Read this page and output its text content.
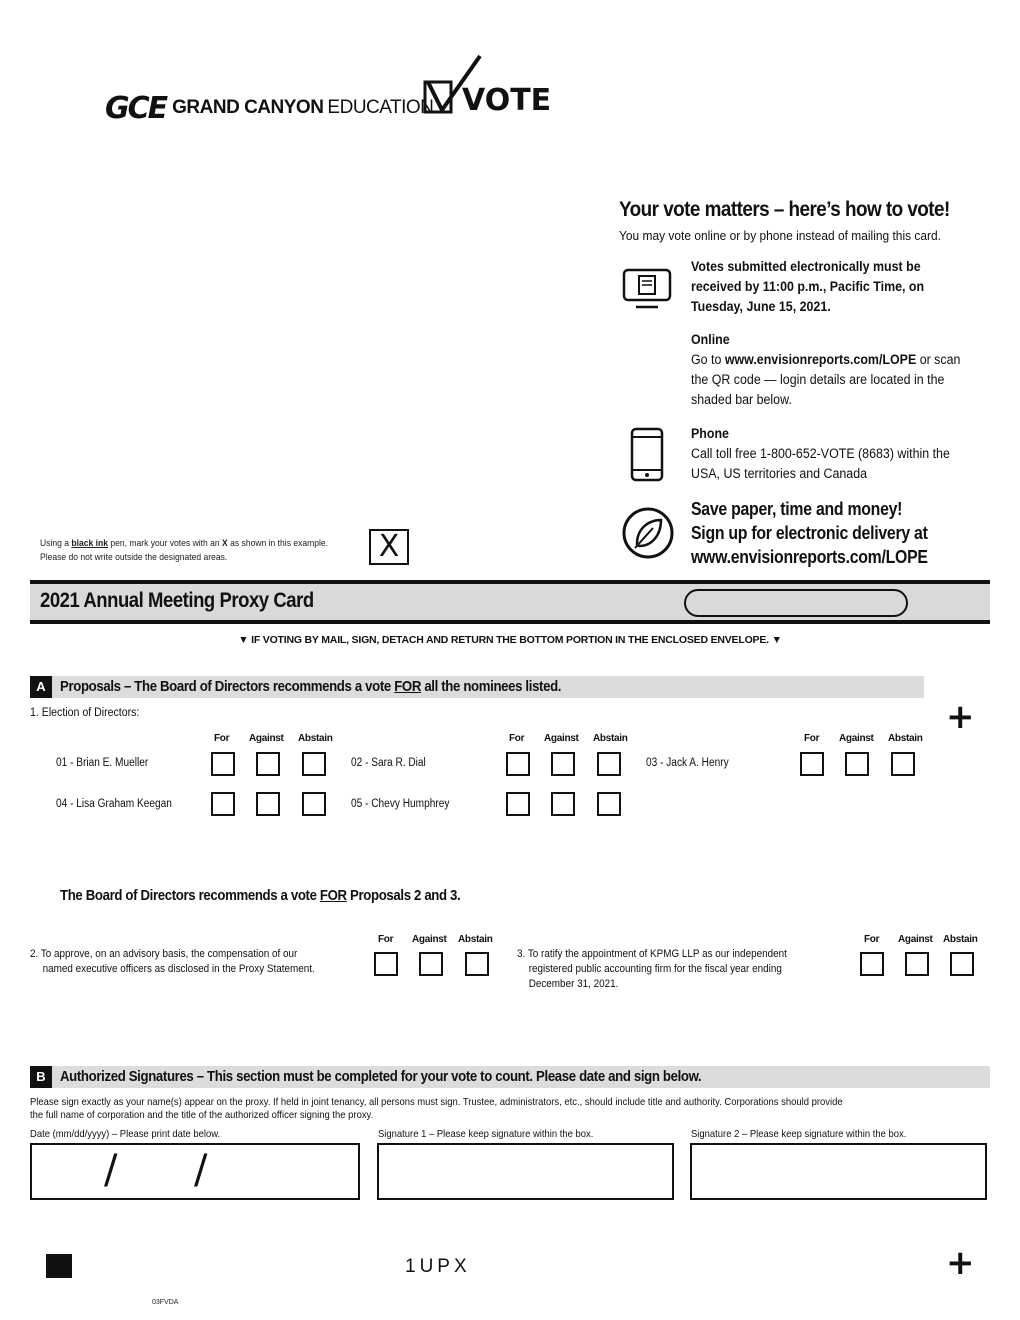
GCE GRAND CANYON EDUCATION VOTE
Your vote matters – here’s how to vote!
You may vote online or by phone instead of mailing this card.
Votes submitted electronically must be received by 11:00 p.m., Pacific Time, on Tuesday, June 15, 2021.
Online
Go to www.envisionreports.com/LOPE or scan the QR code — login details are located in the shaded bar below.
Phone
Call toll free 1-800-652-VOTE (8683) within the USA, US territories and Canada
Save paper, time and money!
Sign up for electronic delivery at
www.envisionreports.com/LOPE
Using a black ink pen, mark your votes with an X as shown in this example.
Please do not write outside the designated areas.	X
2021 Annual Meeting Proxy Card
▼ IF VOTING BY MAIL, SIGN, DETACH AND RETURN THE BOTTOM PORTION IN THE ENCLOSED ENVELOPE. ▼
A Proposals – The Board of Directors recommends a vote FOR all the nominees listed.
1. Election of Directors:	+
For Against Abstain	For Against Abstain	For Against Abstain
01 - Brian E. Mueller	02 - Sara R. Dial	03 - Jack A. Henry
04 - Lisa Graham Keegan	05 - Chevy Humphrey
The Board of Directors recommends a vote FOR Proposals 2 and 3.
2. To approve, on an advisory basis, the compensation of our
named executive officers as disclosed in the Proxy Statement.
For Against Abstain
3. To ratify the appointment of KPMG LLP as our independent
registered public accounting firm for the fiscal year ending
December 31, 2021.
For Against Abstain
B Authorized Signatures – This section must be completed for your vote to count. Please date and sign below.
Please sign exactly as your name(s) appear on the proxy. If held in joint tenancy, all persons must sign. Trustee, administrators, etc., should include title and authority. Corporations should provide
the full name of corporation and the title of the authorized officer signing the proxy.
Date (mm/dd/yyyy) – Please print date below.	Signature 1 – Please keep signature within the box.	Signature 2 – Please keep signature within the box.
/ /
1UPX	+
03FVDA
